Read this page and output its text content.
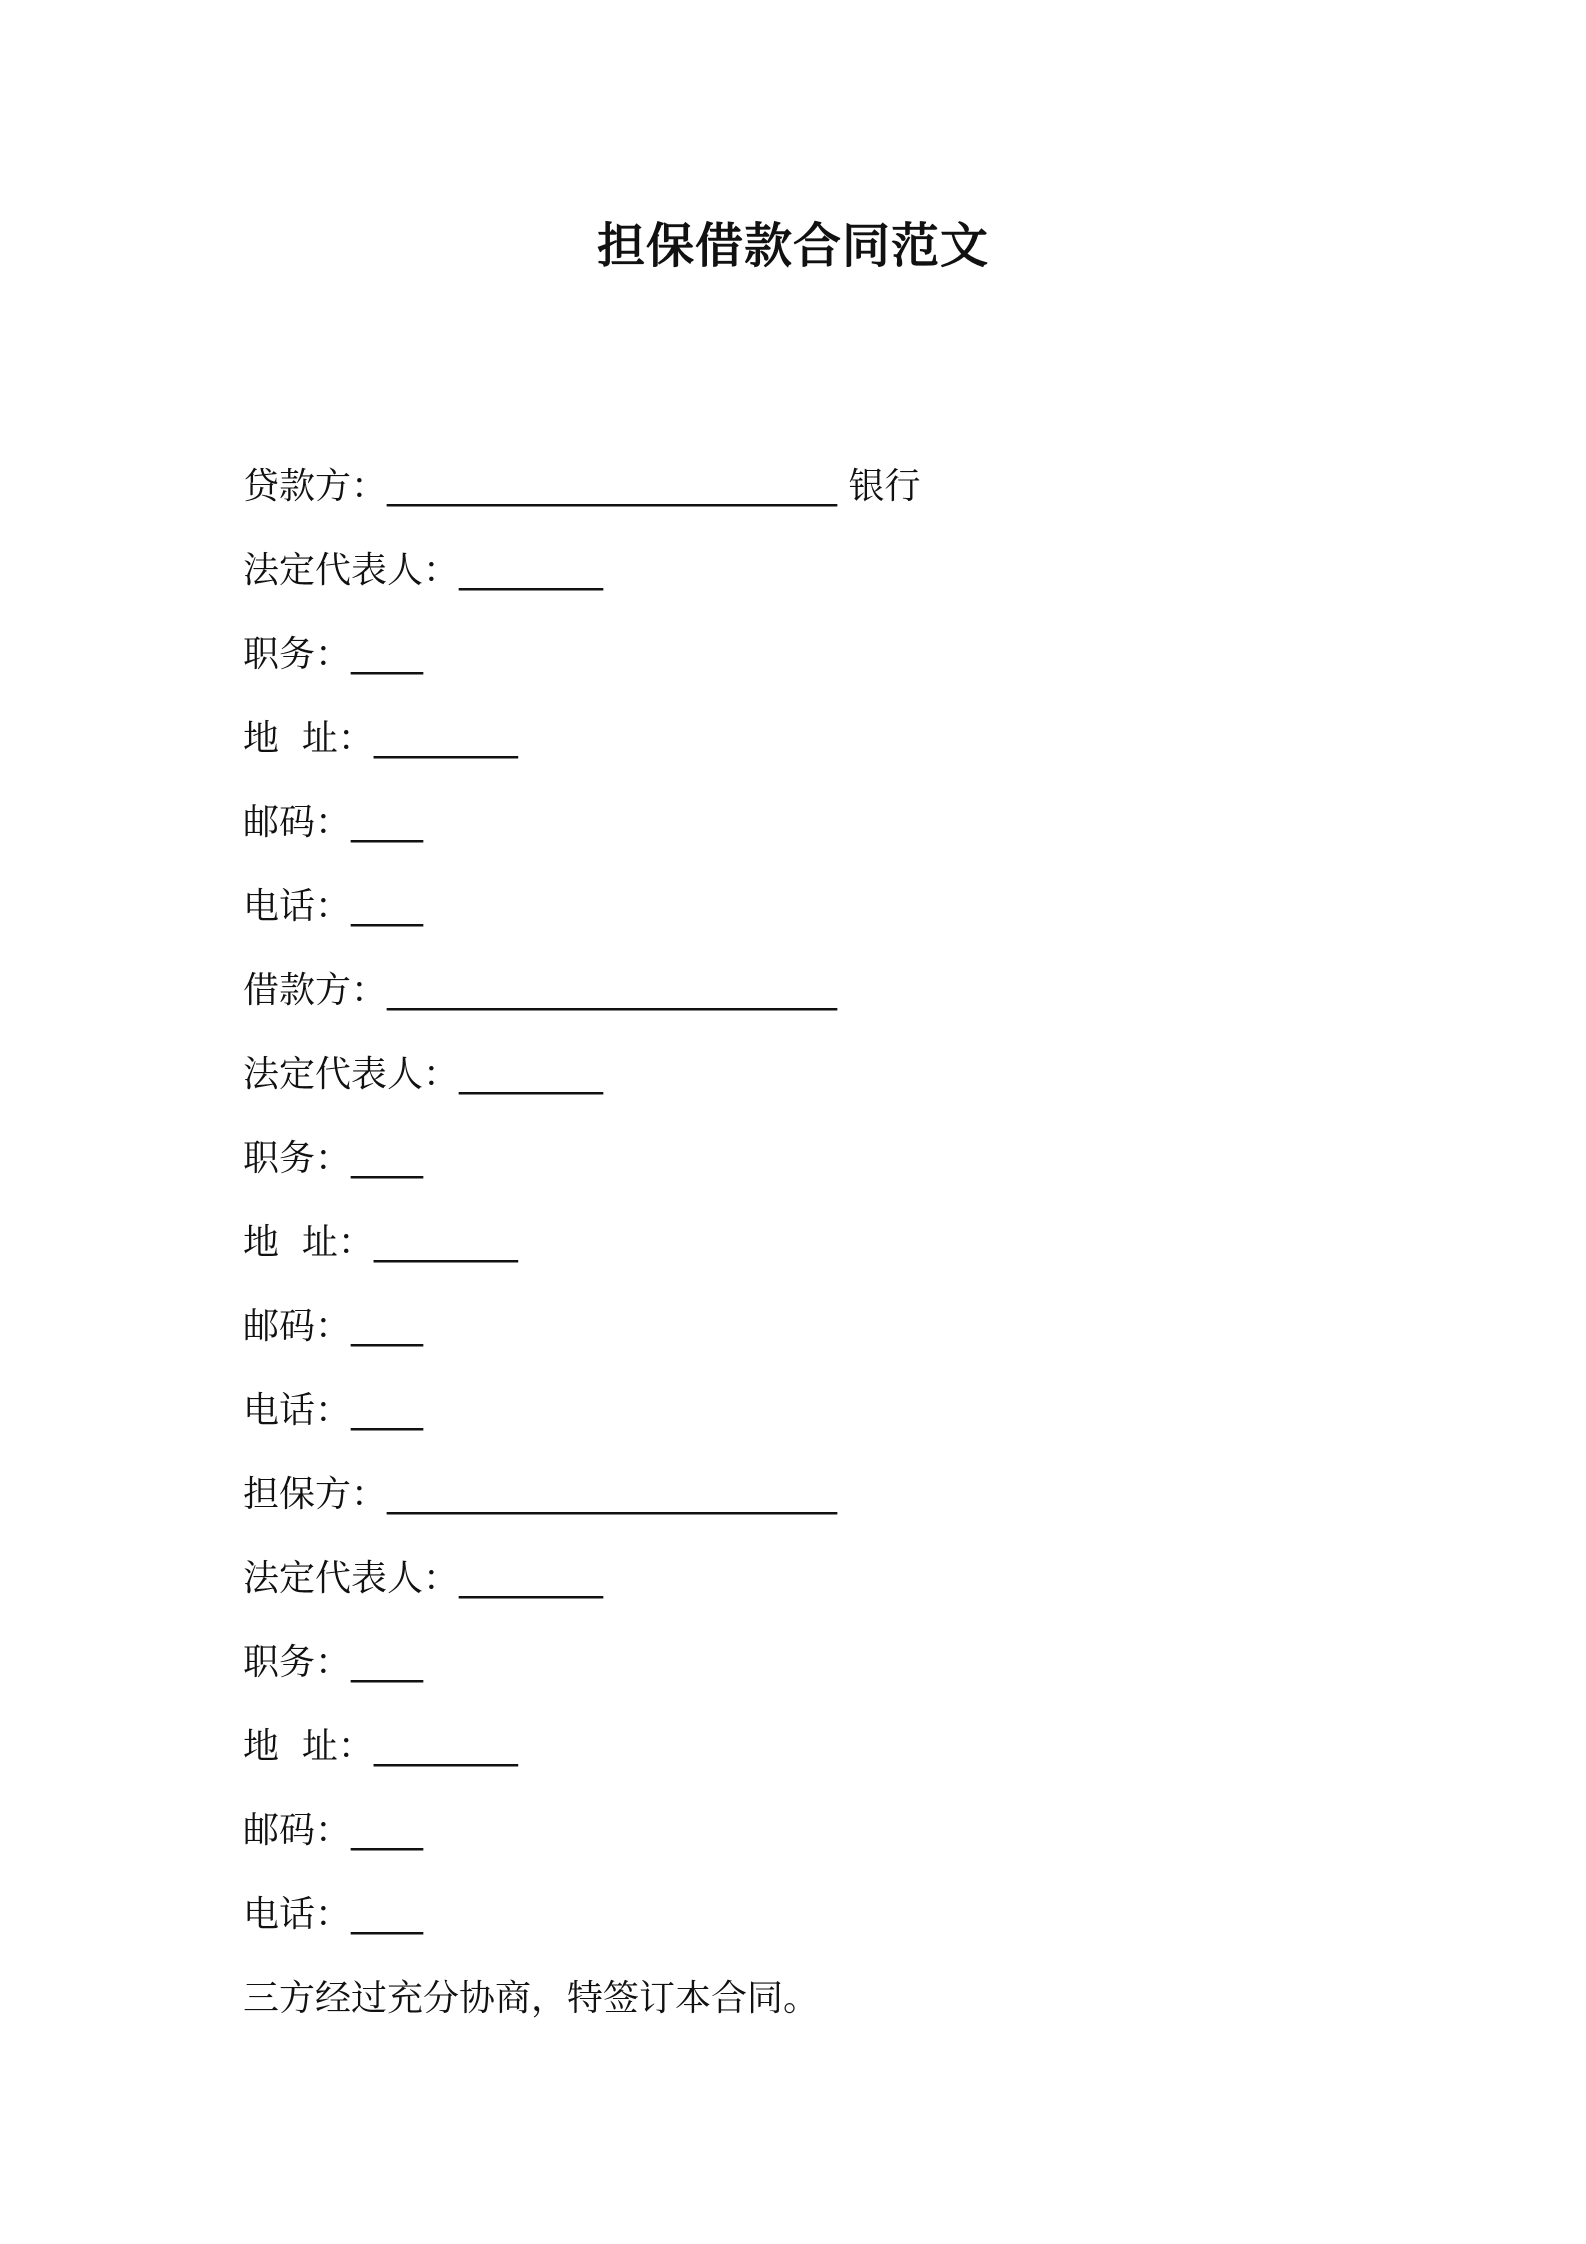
担保借款合同范文
贷款方：_________________________ 银行
法定代表人：________
职务：____
地  址：________
邮码：____
电话：____
借款方：_________________________
法定代表人：________
职务：____
地  址：________
邮码：____
电话：____
担保方：_________________________
法定代表人：________
职务：____
地  址：________
邮码：____
电话：____
三方经过充分协商，特签订本合同。
